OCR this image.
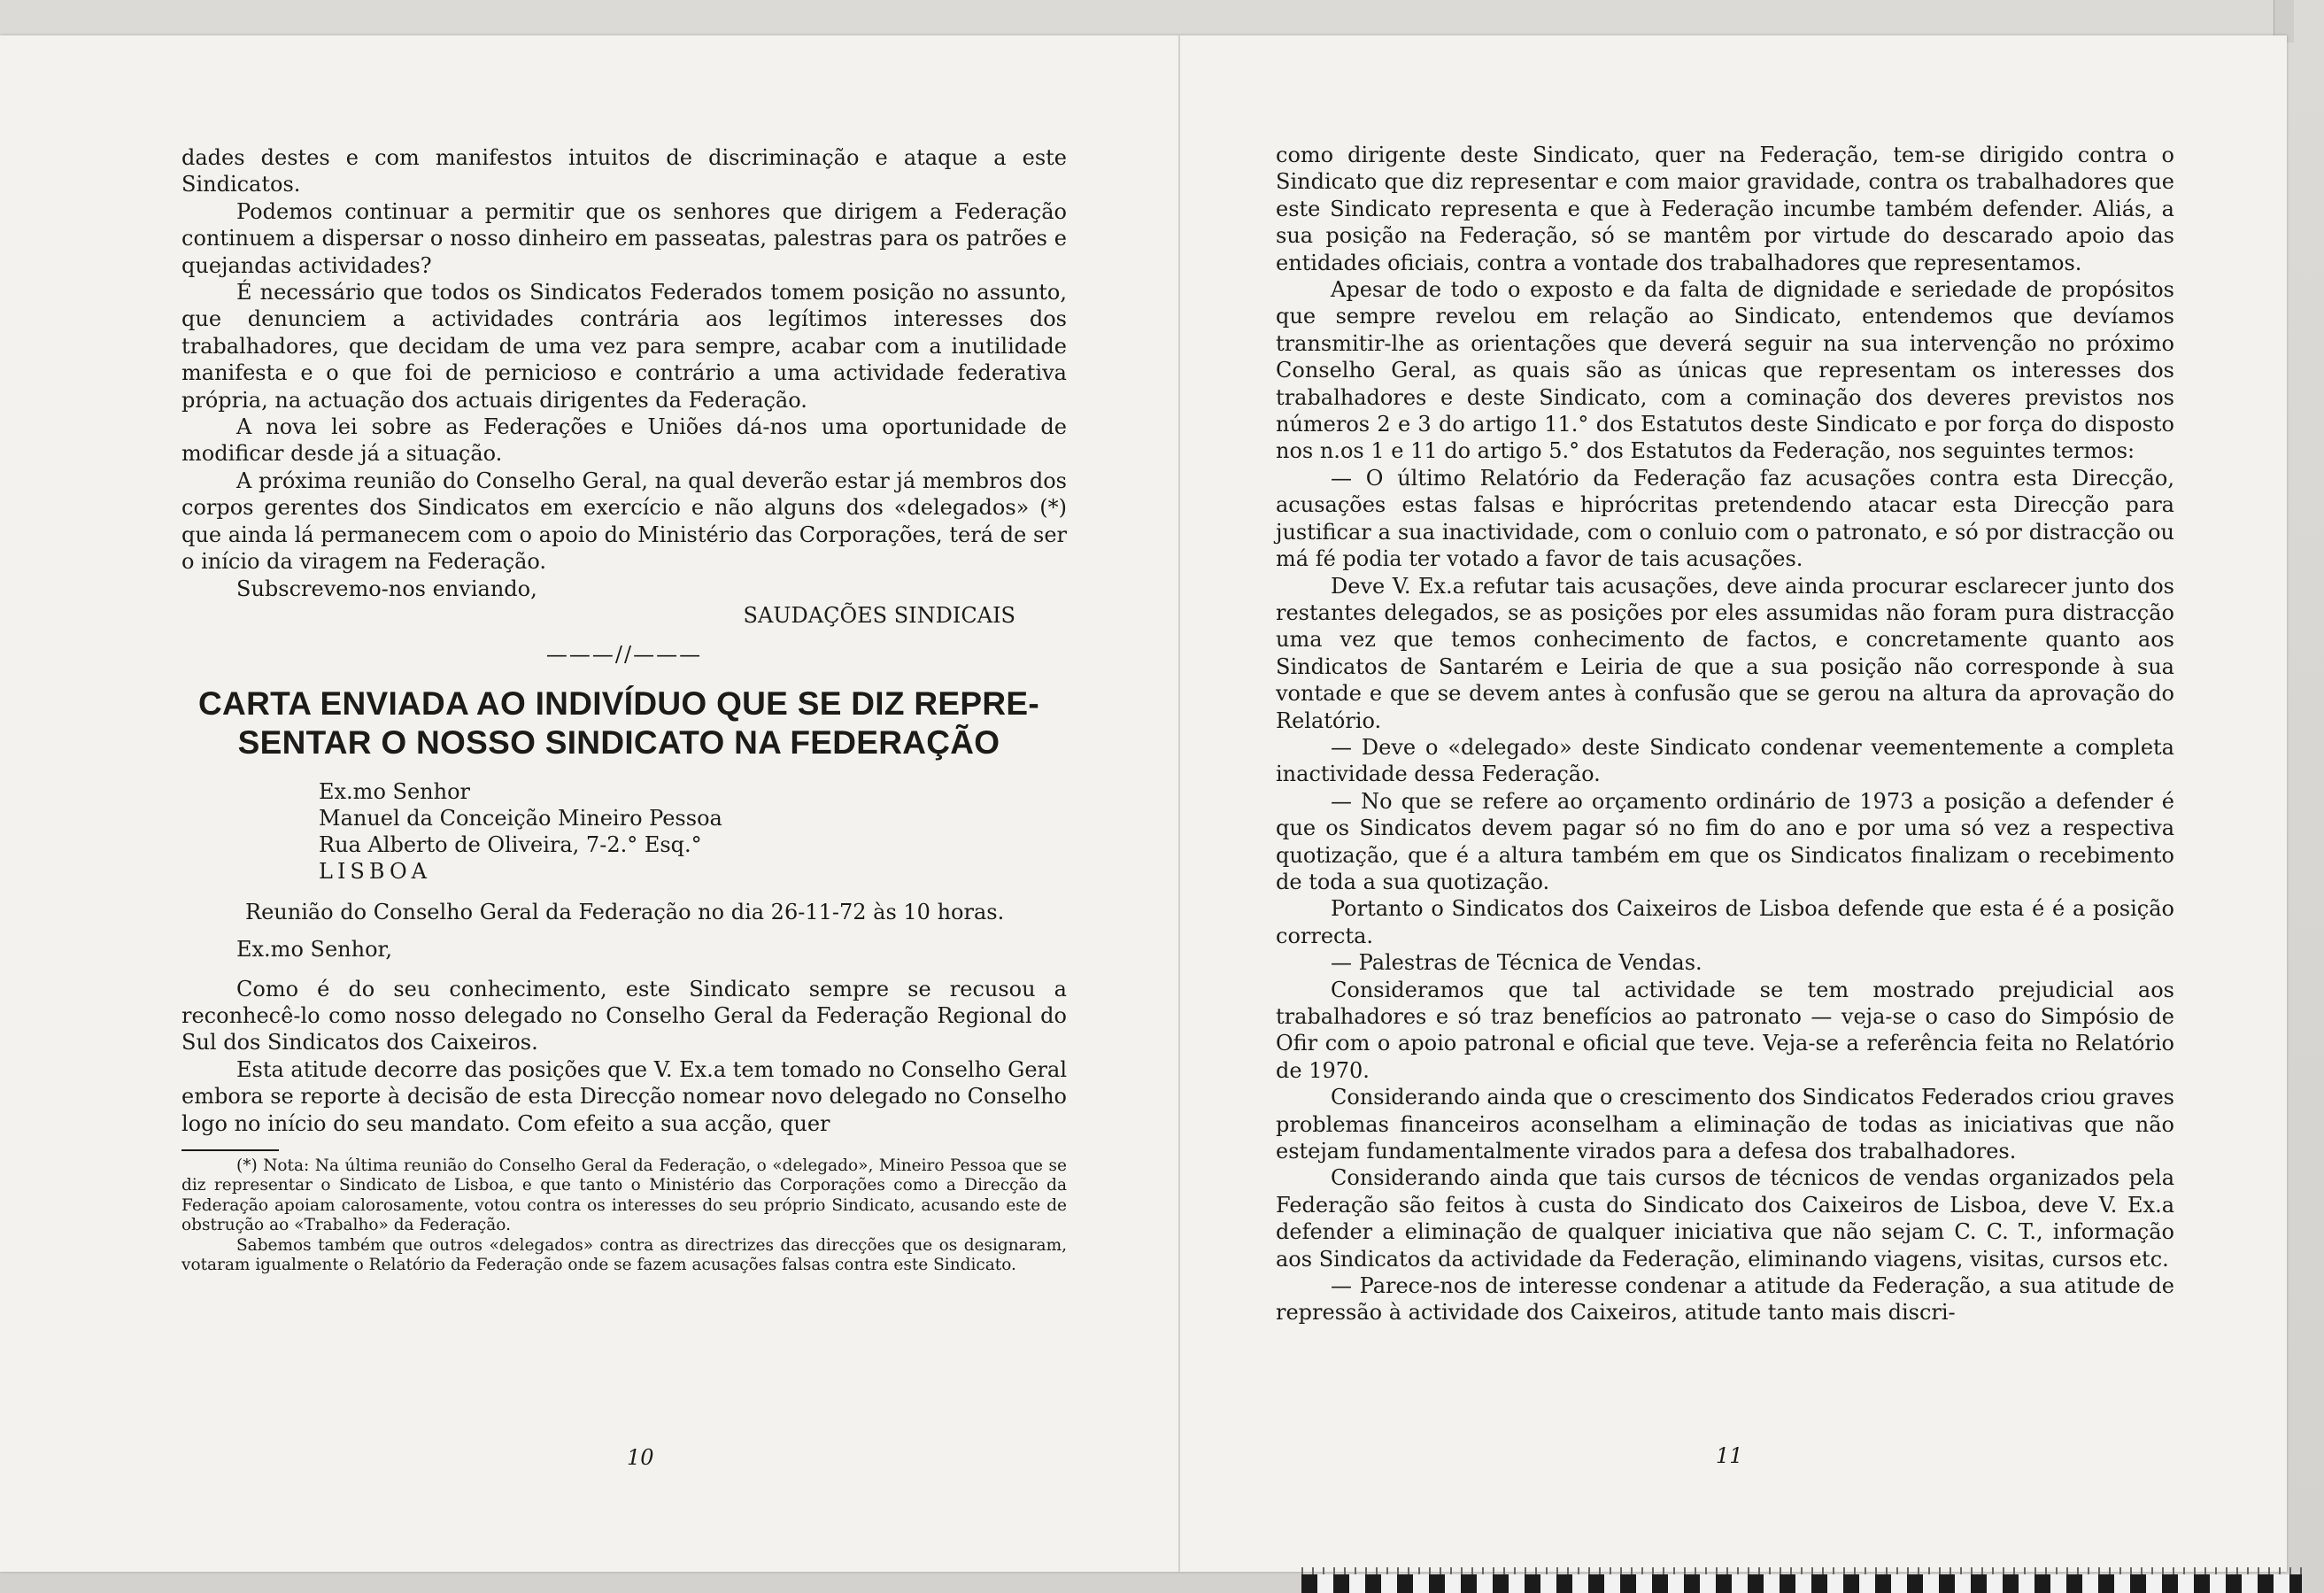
dades destes e com manifestos intuitos de discriminação e ataque a este Sindicatos.

Podemos continuar a permitir que os senhores que dirigem a Federação continuem a dispersar o nosso dinheiro em passeatas, palestras para os patrões e quejandas actividades?

É necessário que todos os Sindicatos Federados tomem posição no assunto, que denunciem a actividades contrária aos legítimos interesses dos trabalhadores, que decidam de uma vez para sempre, acabar com a inutilidade manifesta e o que foi de pernicioso e contrário a uma actividade federativa própria, na actuação dos actuais dirigentes da Federação.

A nova lei sobre as Federações e Uniões dá-nos uma oportunidade de modificar desde já a situação.

A próxima reunião do Conselho Geral, na qual deverão estar já membros dos corpos gerentes dos Sindicatos em exercício e não alguns dos «delegados» (*) que ainda lá permanecem com o apoio do Ministério das Corporações, terá de ser o início da viragem na Federação.

Subscrevemo-nos enviando,

SAUDAÇÕES SINDICAIS

———//———

CARTA ENVIADA AO INDIVÍDUO QUE SE DIZ REPRE-
SENTAR O NOSSO SINDICATO NA FEDERAÇÃO

Ex.mo Senhor
Manuel da Conceição Mineiro Pessoa
Rua Alberto de Oliveira, 7-2.° Esq.°
LISBOA

Reunião do Conselho Geral da Federação no dia 26-11-72 às 10 horas.

Ex.mo Senhor,

Como é do seu conhecimento, este Sindicato sempre se recusou a reconhecê-lo como nosso delegado no Conselho Geral da Federação Regional do Sul dos Sindicatos dos Caixeiros.

Esta atitude decorre das posições que V. Ex.a tem tomado no Conselho Geral embora se reporte à decisão de esta Direcção nomear novo delegado no Conselho logo no início do seu mandato. Com efeito a sua acção, quer

(*) Nota: Na última reunião do Conselho Geral da Federação, o «delegado», Mineiro Pessoa que se diz representar o Sindicato de Lisboa, e que tanto o Ministério das Corporações como a Direcção da Federação apoiam calorosamente, votou contra os interesses do seu próprio Sindicato, acusando este de obstrução ao «Trabalho» da Federação.

Sabemos também que outros «delegados» contra as directrizes das direcções que os designaram, votaram igualmente o Relatório da Federação onde se fazem acusações falsas contra este Sindicato.

10

como dirigente deste Sindicato, quer na Federação, tem-se dirigido contra o Sindicato que diz representar e com maior gravidade, contra os trabalhadores que este Sindicato representa e que à Federação incumbe também defender. Aliás, a sua posição na Federação, só se mantêm por virtude do descarado apoio das entidades oficiais, contra a vontade dos trabalhadores que representamos.

Apesar de todo o exposto e da falta de dignidade e seriedade de propósitos que sempre revelou em relação ao Sindicato, entendemos que devíamos transmitir-lhe as orientações que deverá seguir na sua intervenção no próximo Conselho Geral, as quais são as únicas que representam os interesses dos trabalhadores e deste Sindicato, com a cominação dos deveres previstos nos números 2 e 3 do artigo 11.° dos Estatutos deste Sindicato e por força do disposto nos n.os 1 e 11 do artigo 5.° dos Estatutos da Federação, nos seguintes termos:

— O último Relatório da Federação faz acusações contra esta Direcção, acusações estas falsas e hiprócritas pretendendo atacar esta Direcção para justificar a sua inactividade, com o conluio com o patronato, e só por distracção ou má fé podia ter votado a favor de tais acusações.

Deve V. Ex.a refutar tais acusações, deve ainda procurar esclarecer junto dos restantes delegados, se as posições por eles assumidas não foram pura distracção uma vez que temos conhecimento de factos, e concretamente quanto aos Sindicatos de Santarém e Leiria de que a sua posição não corresponde à sua vontade e que se devem antes à confusão que se gerou na altura da aprovação do Relatório.

— Deve o «delegado» deste Sindicato condenar veementemente a completa inactividade dessa Federação.

— No que se refere ao orçamento ordinário de 1973 a posição a defender é que os Sindicatos devem pagar só no fim do ano e por uma só vez a respectiva quotização, que é a altura também em que os Sindicatos finalizam o recebimento de toda a sua quotização.

Portanto o Sindicatos dos Caixeiros de Lisboa defende que esta é é a posição correcta.

— Palestras de Técnica de Vendas.

Consideramos que tal actividade se tem mostrado prejudicial aos trabalhadores e só traz benefícios ao patronato — veja-se o caso do Simpósio de Ofir com o apoio patronal e oficial que teve. Veja-se a referência feita no Relatório de 1970.

Considerando ainda que o crescimento dos Sindicatos Federados criou graves problemas financeiros aconselham a eliminação de todas as iniciativas que não estejam fundamentalmente virados para a defesa dos trabalhadores.

Considerando ainda que tais cursos de técnicos de vendas organizados pela Federação são feitos à custa do Sindicato dos Caixeiros de Lisboa, deve V. Ex.a defender a eliminação de qualquer iniciativa que não sejam C. C. T., informação aos Sindicatos da actividade da Federação, eliminando viagens, visitas, cursos etc.

— Parece-nos de interesse condenar a atitude da Federação, a sua atitude de repressão à actividade dos Caixeiros, atitude tanto mais discri-

11
